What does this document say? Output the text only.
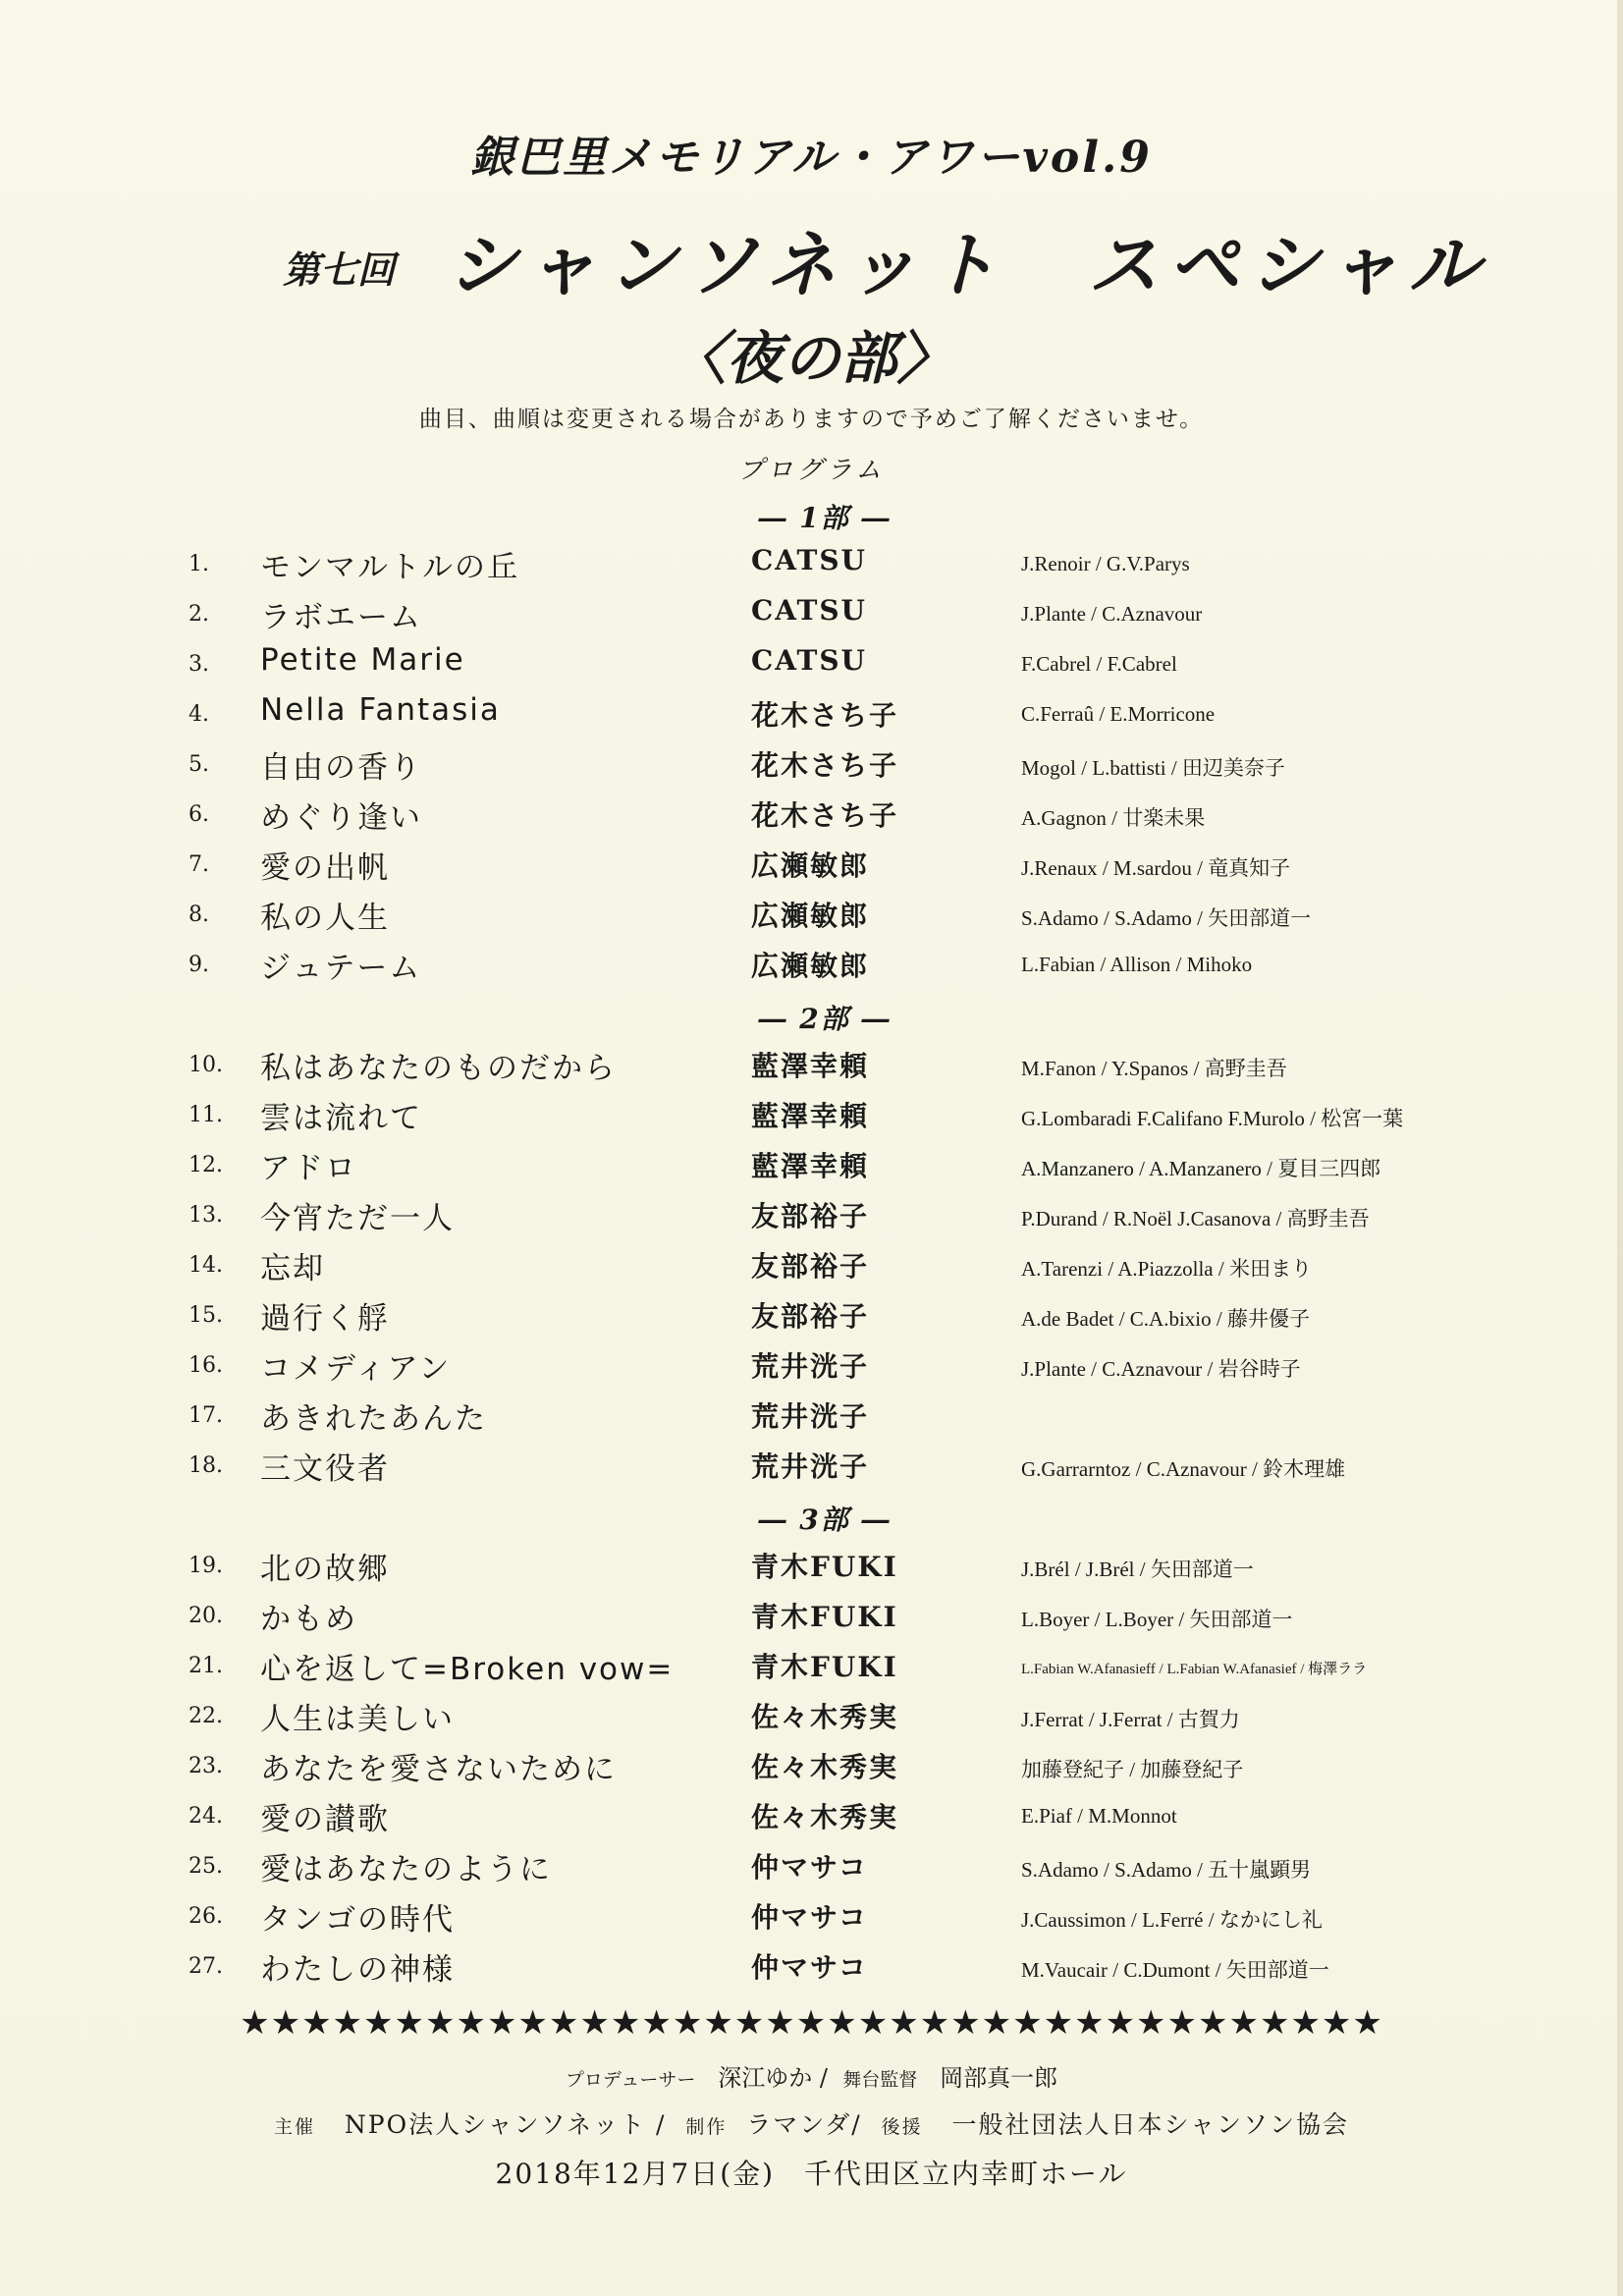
銀巴里メモリアル・アワーvol.9
第七回 シャンソネット　スペシャル
〈夜の部〉
曲目、曲順は変更される場合がありますので予めご了解くださいませ。
プログラム
― 1部 ―
― 2部 ―
― 3部 ―
1.	モンマルトルの丘	CATSU	J.Renoir / G.V.Parys
2.	ラボエーム	CATSU	J.Plante / C.Aznavour
3.	Petite Marie	CATSU	F.Cabrel / F.Cabrel
4.	Nella Fantasia	花木さち子	C.Ferraû / E.Morricone
5.	自由の香り	花木さち子	Mogol / L.battisti / 田辺美奈子
6.	めぐり逢い	花木さち子	A.Gagnon / 廿楽未果
7.	愛の出帆	広瀬敏郎	J.Renaux / M.sardou / 竜真知子
8.	私の人生	広瀬敏郎	S.Adamo / S.Adamo / 矢田部道一
9.	ジュテーム	広瀬敏郎	L.Fabian / Allison / Mihoko
10.	私はあなたのものだから	藍澤幸頼	M.Fanon / Y.Spanos / 高野圭吾
11.	雲は流れて	藍澤幸頼	G.Lombaradi F.Califano F.Murolo / 松宮一葉
12.	アドロ	藍澤幸頼	A.Manzanero / A.Manzanero / 夏目三四郎
13.	今宵ただ一人	友部裕子	P.Durand / R.Noël J.Casanova / 高野圭吾
14.	忘却	友部裕子	A.Tarenzi / A.Piazzolla / 米田まり
15.	過行く艀	友部裕子	A.de Badet / C.A.bixio / 藤井優子
16.	コメディアン	荒井洸子	J.Plante / C.Aznavour / 岩谷時子
17.	あきれたあんた	荒井洸子
18.	三文役者	荒井洸子	G.Garrarntoz / C.Aznavour / 鈴木理雄
19.	北の故郷	青木FUKI	J.Brél / J.Brél / 矢田部道一
20.	かもめ	青木FUKI	L.Boyer / L.Boyer / 矢田部道一
21.	心を返して=Broken vow=	青木FUKI	L.Fabian W.Afanasieff / L.Fabian W.Afanasief / 梅澤ララ
22.	人生は美しい	佐々木秀実	J.Ferrat / J.Ferrat / 古賀力
23.	あなたを愛さないために	佐々木秀実	加藤登紀子 / 加藤登紀子
24.	愛の讃歌	佐々木秀実	E.Piaf / M.Monnot
25.	愛はあなたのように	仲マサコ	S.Adamo / S.Adamo / 五十嵐顕男
26.	タンゴの時代	仲マサコ	J.Caussimon / L.Ferré / なかにし礼
27.	わたしの神様	仲マサコ	M.Vaucair / C.Dumont / 矢田部道一
★★★★★★★★★★★★★★★★★★★★★★★★★★★★★★★★★★★★★
プロデューサー 深江ゆか /  舞台監督 岡部真一郎
主催 NPO法人シャンソネット /  制作 ラマンダ/  後援 一般社団法人日本シャンソン協会
2018年12月7日(金)　千代田区立内幸町ホール
